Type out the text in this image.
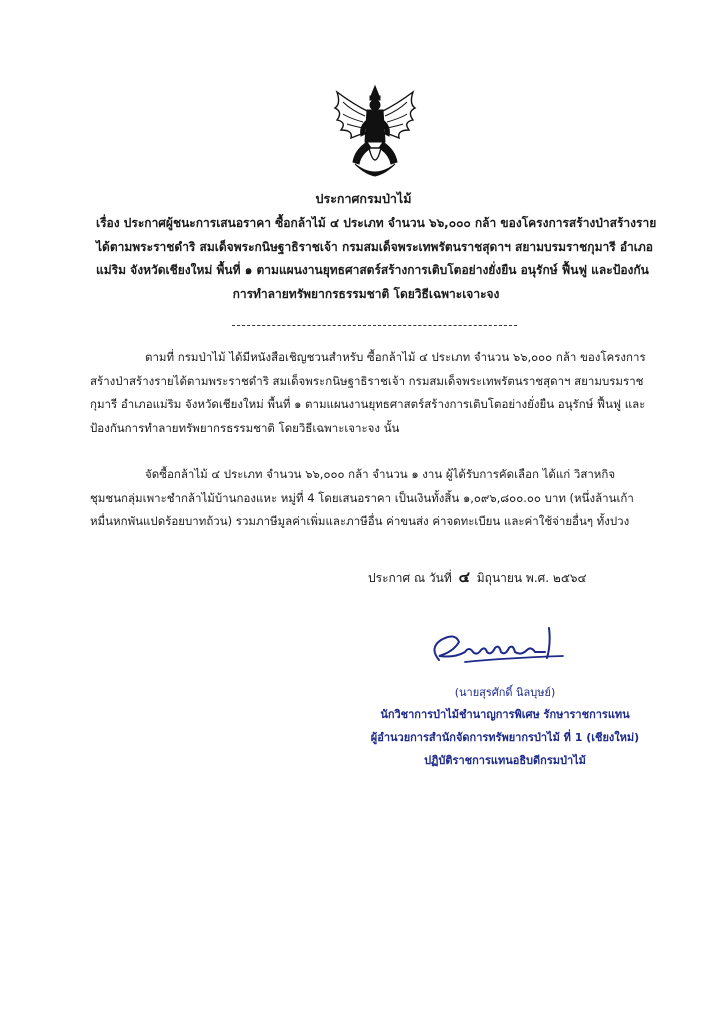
ประกาศกรมป่าไม้
เรื่อง ประกาศผู้ชนะการเสนอราคา ซื้อกล้าไม้ ๔ ประเภท จำนวน ๖๖,๐๐๐ กล้า ของโครงการสร้างป่าสร้างราย
ได้ตามพระราชดำริ สมเด็จพระกนิษฐาธิราชเจ้า กรมสมเด็จพระเทพรัตนราชสุดาฯ สยามบรมราชกุมารี อำเภอ
แม่ริม จังหวัดเชียงใหม่ พื้นที่ ๑ ตามแผนงานยุทธศาสตร์สร้างการเติบโตอย่างยั่งยืน อนุรักษ์ ฟื้นฟู และป้องกัน
การทำลายทรัพยากรธรรมชาติ โดยวิธีเฉพาะเจาะจง
ตามที่ กรมป่าไม้ ได้มีหนังสือเชิญชวนสำหรับ ซื้อกล้าไม้ ๔ ประเภท จำนวน ๖๖,๐๐๐ กล้า ของโครงการ
สร้างป่าสร้างรายได้ตามพระราชดำริ สมเด็จพระกนิษฐาธิราชเจ้า กรมสมเด็จพระเทพรัตนราชสุดาฯ สยามบรมราช
กุมารี อำเภอแม่ริม จังหวัดเชียงใหม่ พื้นที่ ๑ ตามแผนงานยุทธศาสตร์สร้างการเติบโตอย่างยั่งยืน อนุรักษ์ ฟื้นฟู และ
ป้องกันการทำลายทรัพยากรธรรมชาติ โดยวิธีเฉพาะเจาะจง นั้น
จัดซื้อกล้าไม้ ๔ ประเภท จำนวน ๖๖,๐๐๐ กล้า จำนวน ๑ งาน ผู้ได้รับการคัดเลือก ได้แก่ วิสาหกิจ
ชุมชนกลุ่มเพาะชำกล้าไม้บ้านกองแหะ หมู่ที่ 4 โดยเสนอราคา เป็นเงินทั้งสิ้น ๑,๐๙๖,๘๐๐.๐๐ บาท (หนึ่งล้านเก้า
หมื่นหกพันแปดร้อยบาทถ้วน) รวมภาษีมูลค่าเพิ่มและภาษีอื่น ค่าขนส่ง ค่าจดทะเบียน และค่าใช้จ่ายอื่นๆ ทั้งปวง
ประกาศ ณ วันที่ ๔ มิถุนายน พ.ศ. ๒๕๖๔
(นายสุรศักดิ์ นิลบุษย์)
นักวิชาการป่าไม้ชำนาญการพิเศษ รักษาราชการแทน
ผู้อำนวยการสำนักจัดการทรัพยากรป่าไม้ ที่ 1 (เชียงใหม่)
ปฏิบัติราชการแทนอธิบดีกรมป่าไม้
